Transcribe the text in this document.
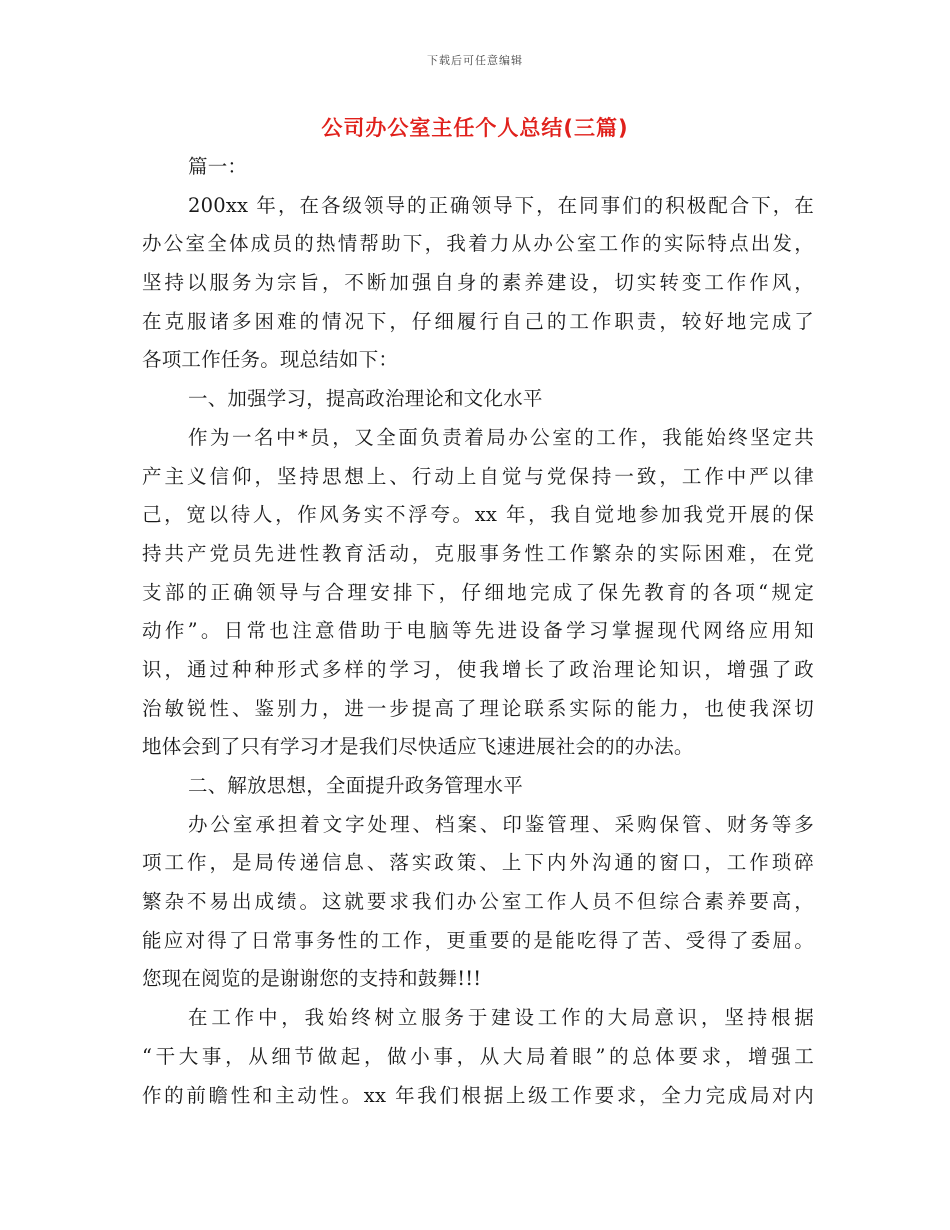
下载后可任意编辑
公司办公室主任个人总结(三篇)
篇一：
200xx 年，在各级领导的正确领导下，在同事们的积极配合下，在
办公室全体成员的热情帮助下，我着力从办公室工作的实际特点出发，
坚持以服务为宗旨，不断加强自身的素养建设，切实转变工作作风，
在克服诸多困难的情况下，仔细履行自己的工作职责，较好地完成了
各项工作任务。现总结如下：
一、加强学习，提高政治理论和文化水平
作为一名中*员，又全面负责着局办公室的工作，我能始终坚定共
产主义信仰，坚持思想上、行动上自觉与党保持一致，工作中严以律
己，宽以待人，作风务实不浮夸。xx 年，我自觉地参加我党开展的保
持共产党员先进性教育活动，克服事务性工作繁杂的实际困难，在党
支部的正确领导与合理安排下，仔细地完成了保先教育的各项“规定
动作”。日常也注意借助于电脑等先进设备学习掌握现代网络应用知
识，通过种种形式多样的学习，使我增长了政治理论知识，增强了政
治敏锐性、鉴别力，进一步提高了理论联系实际的能力，也使我深切
地体会到了只有学习才是我们尽快适应飞速进展社会的的办法。
二、解放思想，全面提升政务管理水平
办公室承担着文字处理、档案、印鉴管理、采购保管、财务等多
项工作，是局传递信息、落实政策、上下内外沟通的窗口，工作琐碎
繁杂不易出成绩。这就要求我们办公室工作人员不但综合素养要高，
能应对得了日常事务性的工作，更重要的是能吃得了苦、受得了委屈。
您现在阅览的是谢谢您的支持和鼓舞!!!
在工作中，我始终树立服务于建设工作的大局意识，坚持根据
“干大事，从细节做起，做小事，从大局着眼”的总体要求，增强工
作的前瞻性和主动性。xx 年我们根据上级工作要求，全力完成局对内
